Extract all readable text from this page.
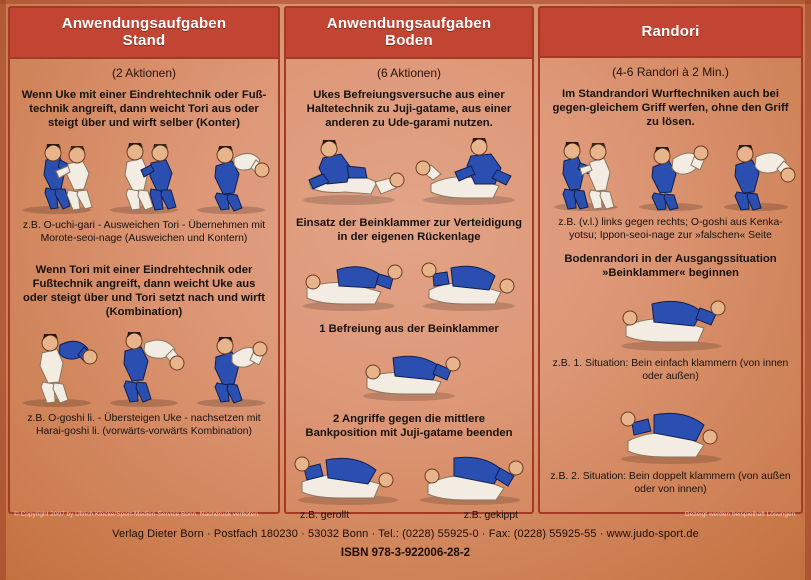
Anwendungsaufgaben
Stand
(2 Aktionen)
Wenn Uke mit einer Eindrehtechnik oder Fuß-technik angreift, dann weicht Tori aus oder steigt über und wirft selber (Konter)
z.B. O-uchi-gari - Ausweichen Tori - Übernehmen mit Morote-seoi-nage (Ausweichen und Kontern)
Wenn Tori mit einer Eindrehtechnik oder Fußtechnik angreift, dann weicht Uke aus oder steigt über und Tori setzt nach und wirft (Kombination)
z.B. O-goshi li. - Übersteigen Uke - nachsetzen mit Harai-goshi li. (vorwärts-vorwärts Kombination)
Anwendungsaufgaben
Boden
(6 Aktionen)
Ukes Befreiungsversuche aus einer Haltetechnik zu Juji-gatame, aus einer anderen zu Ude-garami nutzen.
Einsatz der Beinklammer zur Verteidigung in der eigenen Rückenlage
1 Befreiung aus der Beinklammer
2 Angriffe gegen die mittlere Bankposition mit Juji-gatame beenden
z.B. gerollt	z.B. gekippt
Randori
(4-6 Randori à 2 Min.)
Im Standrandori Wurftechniken auch bei gegen-gleichem Griff werfen, ohne den Griff zu lösen.
z.B. (v.l.) links gegen rechts; O-goshi aus Kenka-yotsu; Ippon-seoi-nage zur »falschen« Seite
Bodenrandori in der Ausgangssituation »Beinklammer« beginnen
z.B. 1. Situation: Bein einfach klammern (von innen oder außen)
z.B. 2. Situation: Bein doppelt klammern (von außen oder von innen)
© Copyright 2007 by Ullrich Klocke/Sport-Medien-Service Bonn. Nachdruck verboten.	Gezeigt werden beispielhaft Lösungen.
Verlag Dieter Born · Postfach 180230 · 53032 Bonn · Tel.: (0228) 55925-0 · Fax: (0228) 55925-55 · www.judo-sport.de
ISBN 978-3-922006-28-2
